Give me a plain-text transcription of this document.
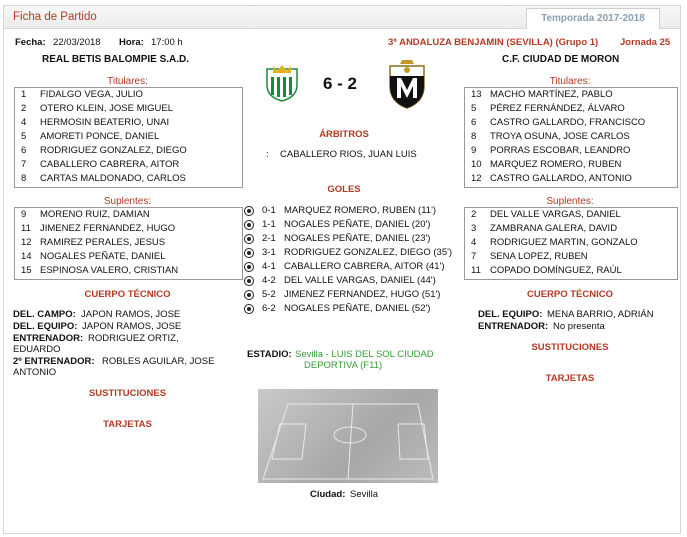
Ficha de Partido	Temporada 2017-2018
Fecha: 22/03/2018 Hora: 17:00 h	3ª ANDALUZA BENJAMIN (SEVILLA) (Grupo 1) Jornada 25
REAL BETIS BALOMPIE S.A.D.	C.F. CIUDAD DE MORON
6 - 2
Titulares:
1 FIDALGO VEGA, JULIO
2 OTERO KLEIN, JOSE MIGUEL
4 HERMOSIN BEATERIO, UNAI
5 AMORETI PONCE, DANIEL
6 RODRIGUEZ GONZALEZ, DIEGO
7 CABALLERO CABRERA, AITOR
8 CARTAS MALDONADO, CARLOS
Suplentes:
9 MORENO RUIZ, DAMIAN
11 JIMENEZ FERNANDEZ, HUGO
12 RAMIREZ PERALES, JESUS
14 NOGALES PEÑATE, DANIEL
15 ESPINOSA VALERO, CRISTIAN
Titulares:
13 MACHO MARTÍNEZ, PABLO
5 PÉREZ FERNÁNDEZ, ÁLVARO
6 CASTRO GALLARDO, FRANCISCO
8 TROYA OSUNA, JOSE CARLOS
9 PORRAS ESCOBAR, LEANDRO
10 MARQUEZ ROMERO, RUBEN
12 CASTRO GALLARDO, ANTONIO
Suplentes:
2 DEL VALLE VARGAS, DANIEL
3 ZAMBRANA GALERA, DAVID
4 RODRIGUEZ MARTIN, GONZALO
7 SENA LOPEZ, RUBEN
11 COPADO DOMÍNGUEZ, RAÚL
ÁRBITROS
: CABALLERO RIOS, JUAN LUIS
GOLES
0-1 MARQUEZ ROMERO, RUBEN (11')
1-1 NOGALES PEÑATE, DANIEL (20')
2-1 NOGALES PEÑATE, DANIEL (23')
3-1 RODRIGUEZ GONZALEZ, DIEGO (35')
4-1 CABALLERO CABRERA, AITOR (41')
4-2 DEL VALLE VARGAS, DANIEL (44')
5-2 JIMENEZ FERNANDEZ, HUGO (51')
6-2 NOGALES PEÑATE, DANIEL (52')
CUERPO TÉCNICO
DEL. CAMPO: JAPON RAMOS, JOSE
DEL. EQUIPO: JAPON RAMOS, JOSE
ENTRENADOR: RODRIGUEZ ORTIZ,
EDUARDO
2º ENTRENADOR: ROBLES AGUILAR, JOSE
ANTONIO
SUSTITUCIONES
TARJETAS
CUERPO TÉCNICO
DEL. EQUIPO: MENA BARRIO, ADRIÁN
ENTRENADOR: No presenta
SUSTITUCIONES
TARJETAS
ESTADIO: Sevilla - LUIS DEL SOL CIUDAD
DEPORTIVA (F11)
Ciudad: Sevilla
